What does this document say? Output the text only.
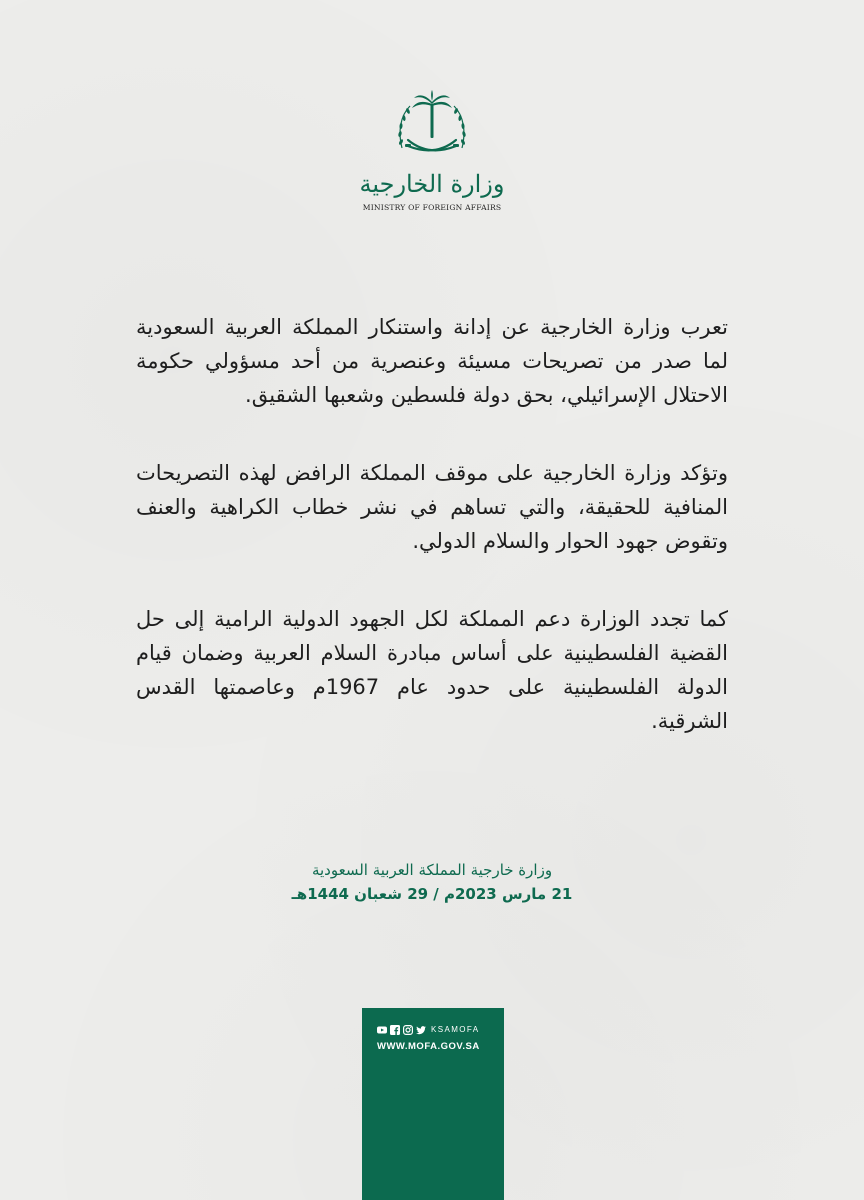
وزارة الخارجية
MINISTRY OF FOREIGN AFFAIRS

تعرب وزارة الخارجية عن إدانة واستنكار المملكة العربية السعودية لما صدر من تصريحات مسيئة وعنصرية من أحد مسؤولي حكومة الاحتلال الإسرائيلي، بحق دولة فلسطين وشعبها الشقيق.

وتؤكد وزارة الخارجية على موقف المملكة الرافض لهذه التصريحات المنافية للحقيقة، والتي تساهم في نشر خطاب الكراهية والعنف وتقوض جهود الحوار والسلام الدولي.

كما تجدد الوزارة دعم المملكة لكل الجهود الدولية الرامية إلى حل القضية الفلسطينية على أساس مبادرة السلام العربية وضمان قيام الدولة الفلسطينية على حدود عام 1967م وعاصمتها القدس الشرقية.

وزارة خارجية المملكة العربية السعودية
21 مارس 2023م / 29 شعبان 1444هـ
KSAMOFA
WWW.MOFA.GOV.SA
